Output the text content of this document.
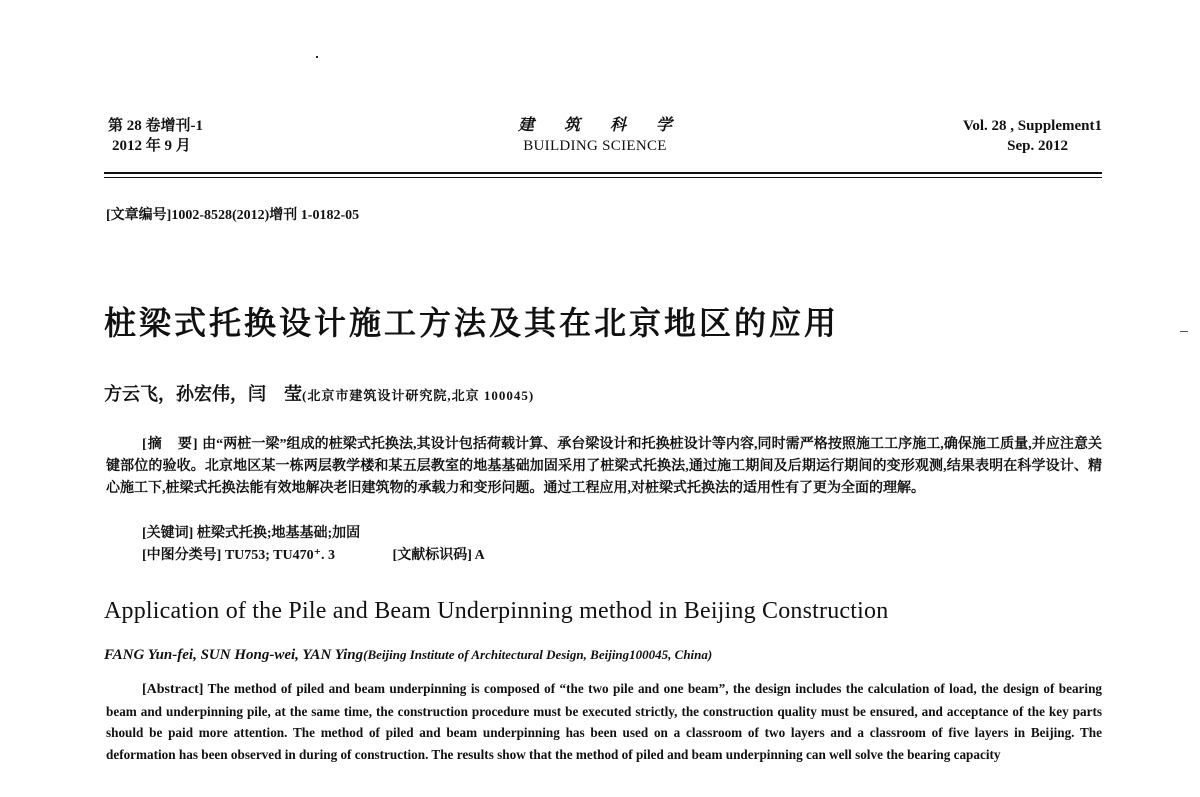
第 28 卷增刊-1
2012 年 9 月
建筑科学
BUILDING SCIENCE
Vol. 28 , Supplement1
Sep. 2012
[文章编号]1002-8528(2012)增刊 1-0182-05
桩梁式托换设计施工方法及其在北京地区的应用
方云飞，孙宏伟，闫　莹(北京市建筑设计研究院,北京 100045)
[摘　要] 由“两桩一梁”组成的桩梁式托换法,其设计包括荷载计算、承台梁设计和托换桩设计等内容,同时需严格按照施工工序施工,确保施工质量,并应注意关键部位的验收。北京地区某一栋两层教学楼和某五层教室的地基基础加固采用了桩梁式托换法,通过施工期间及后期运行期间的变形观测,结果表明在科学设计、精心施工下,桩梁式托换法能有效地解决老旧建筑物的承载力和变形问题。通过工程应用,对桩梁式托换法的适用性有了更为全面的理解。
[关键词] 桩梁式托换;地基基础;加固
[中图分类号] TU753; TU470⁺. 3	[文献标识码] A
Application of the Pile and Beam Underpinning method in Beijing Construction
FANG Yun-fei, SUN Hong-wei, YAN Ying(Beijing Institute of Architectural Design, Beijing100045, China)
[Abstract] The method of piled and beam underpinning is composed of “the two pile and one beam”, the design includes the calculation of load, the design of bearing beam and underpinning pile, at the same time, the construction procedure must be executed strictly, the construction quality must be ensured, and acceptance of the key parts should be paid more attention. The method of piled and beam underpinning has been used on a classroom of two layers and a classroom of five layers in Beijing. The deformation has been observed in during of construction. The results show that the method of piled and beam underpinning can well solve the bearing capacity
